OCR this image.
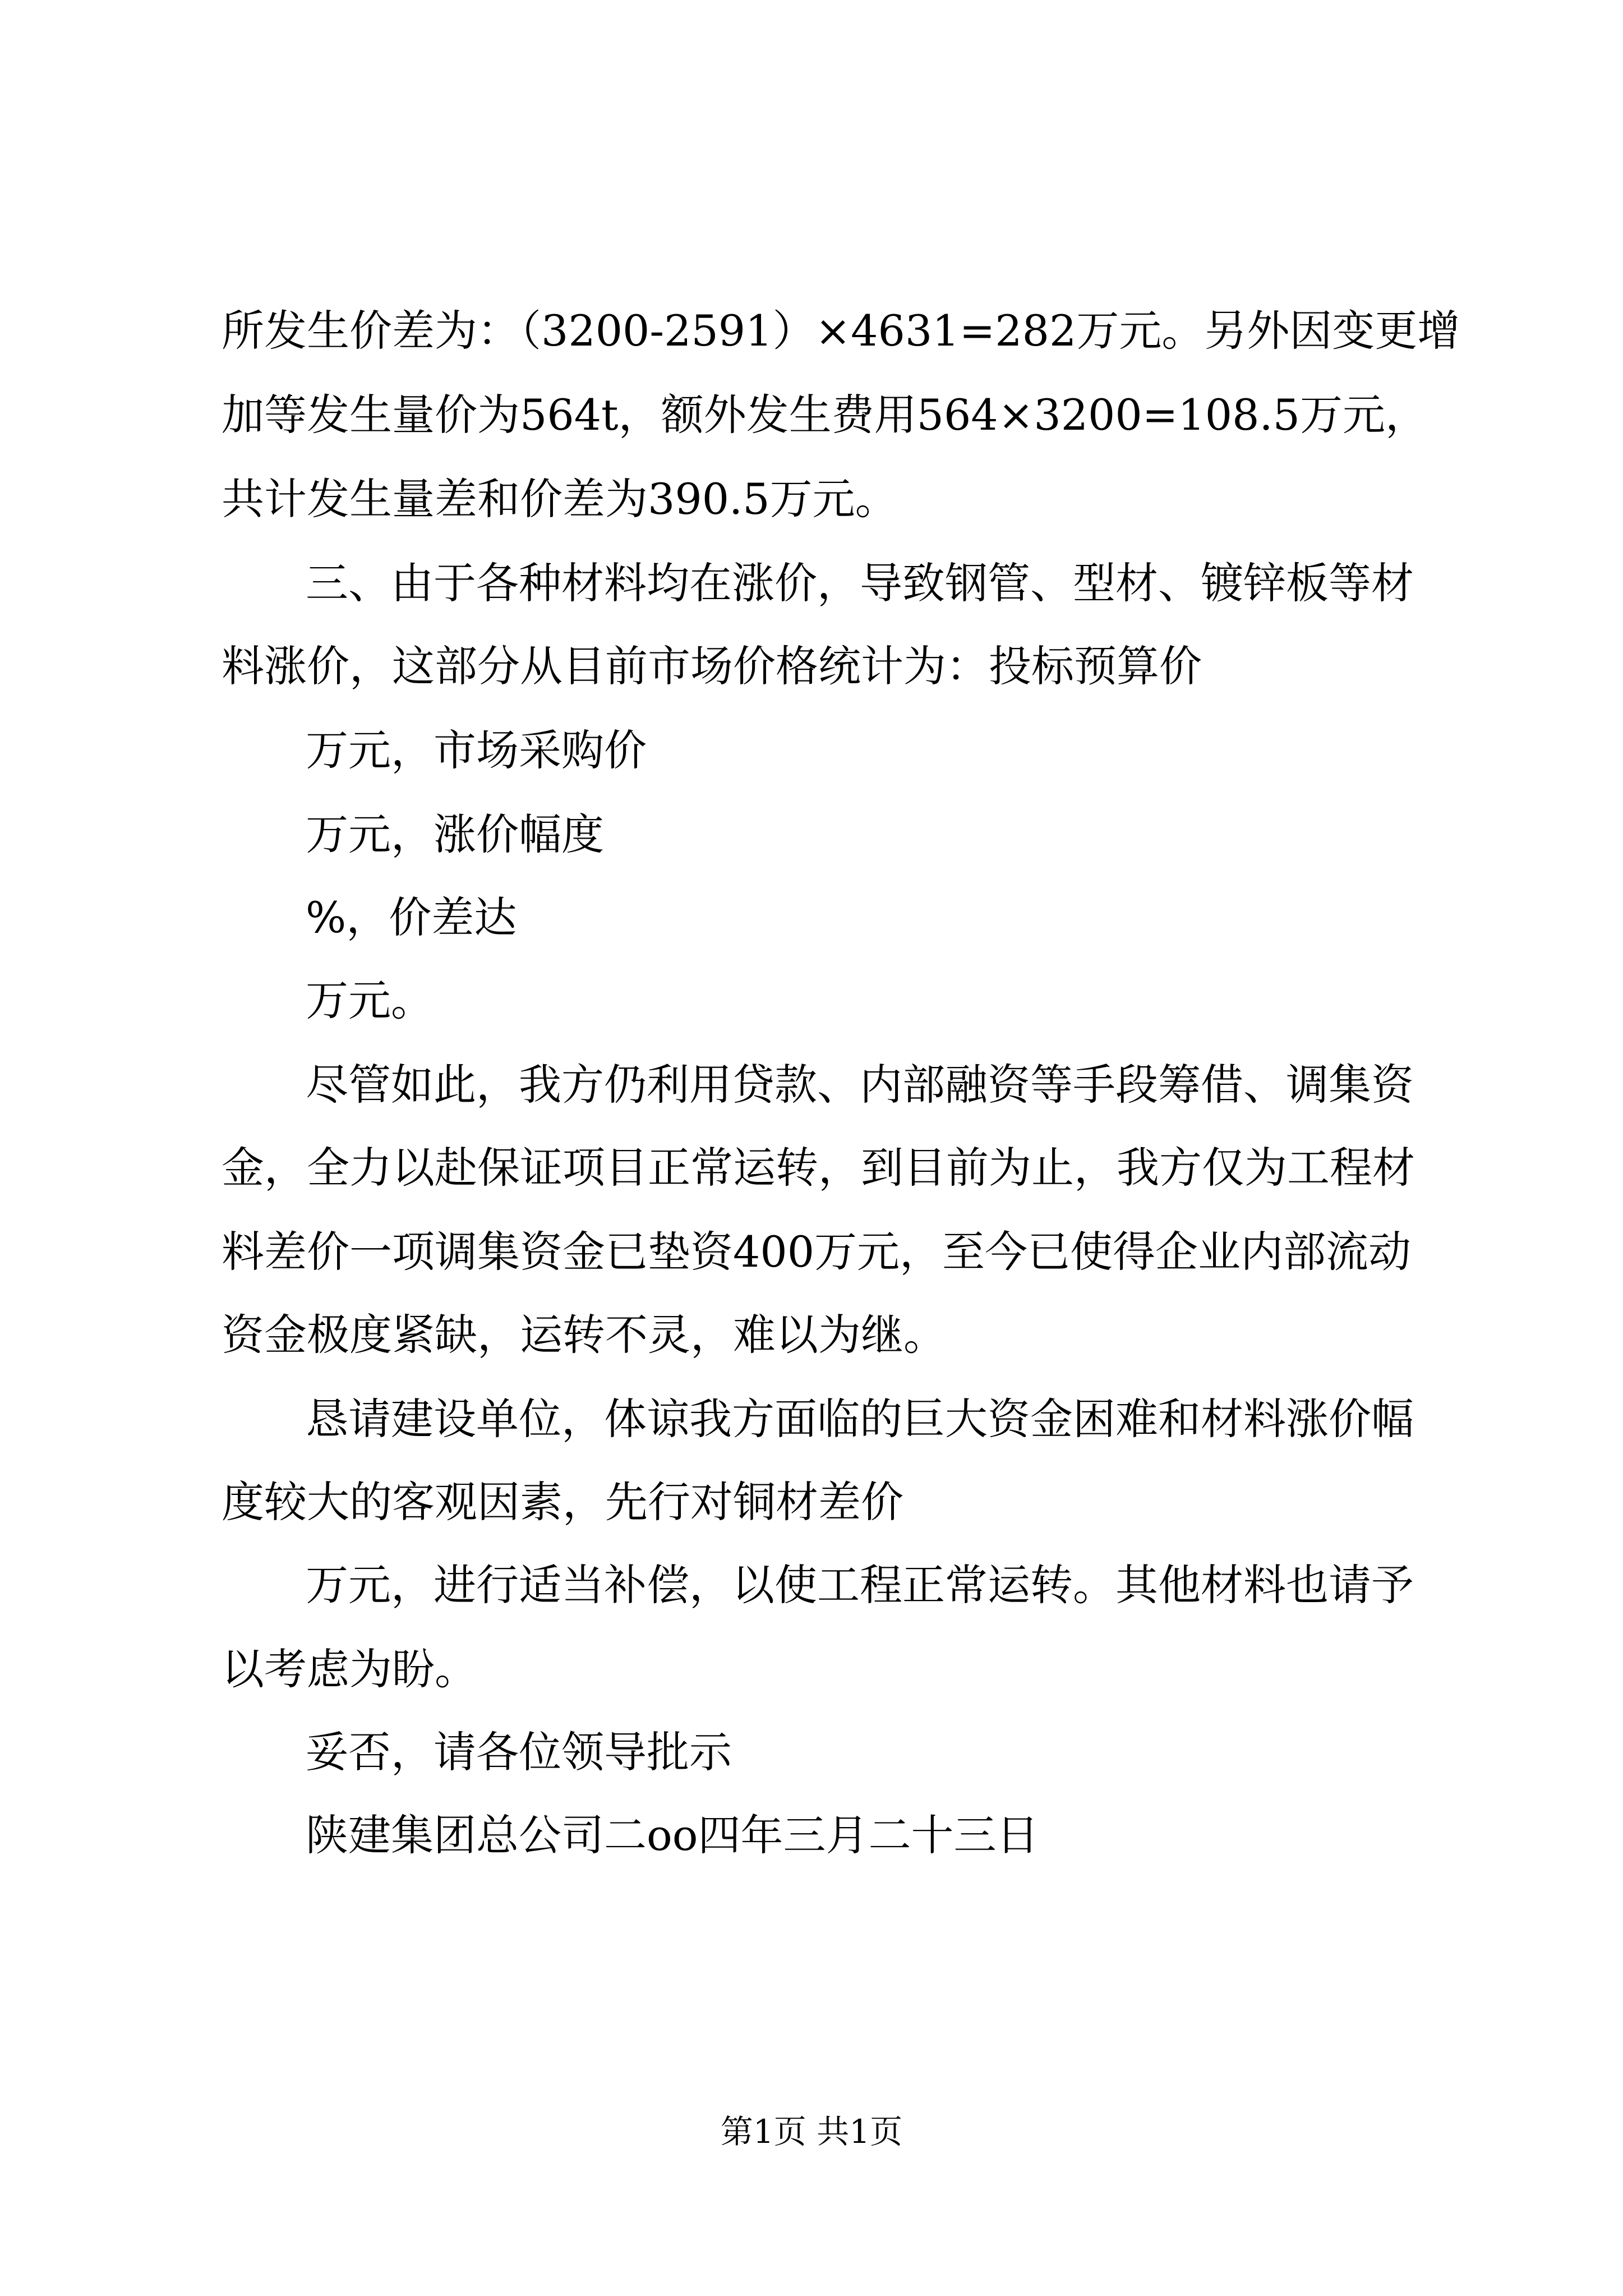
所发生价差为：（3200-2591）×4631=282万元。另外因变更增
加等发生量价为564t，额外发生费用564×3200=108.5万元，
共计发生量差和价差为390.5万元。
三、由于各种材料均在涨价，导致钢管、型材、镀锌板等材
料涨价，这部分从目前市场价格统计为：投标预算价
万元，市场采购价
万元，涨价幅度
%，价差达
万元。
尽管如此，我方仍利用贷款、内部融资等手段筹借、调集资
金，全力以赴保证项目正常运转，到目前为止，我方仅为工程材
料差价一项调集资金已垫资400万元，至今已使得企业内部流动
资金极度紧缺，运转不灵，难以为继。
恳请建设单位，体谅我方面临的巨大资金困难和材料涨价幅
度较大的客观因素，先行对铜材差价
万元，进行适当补偿，以使工程正常运转。其他材料也请予
以考虑为盼。
妥否，请各位领导批示
陕建集团总公司二oo四年三月二十三日
第1页 共1页
